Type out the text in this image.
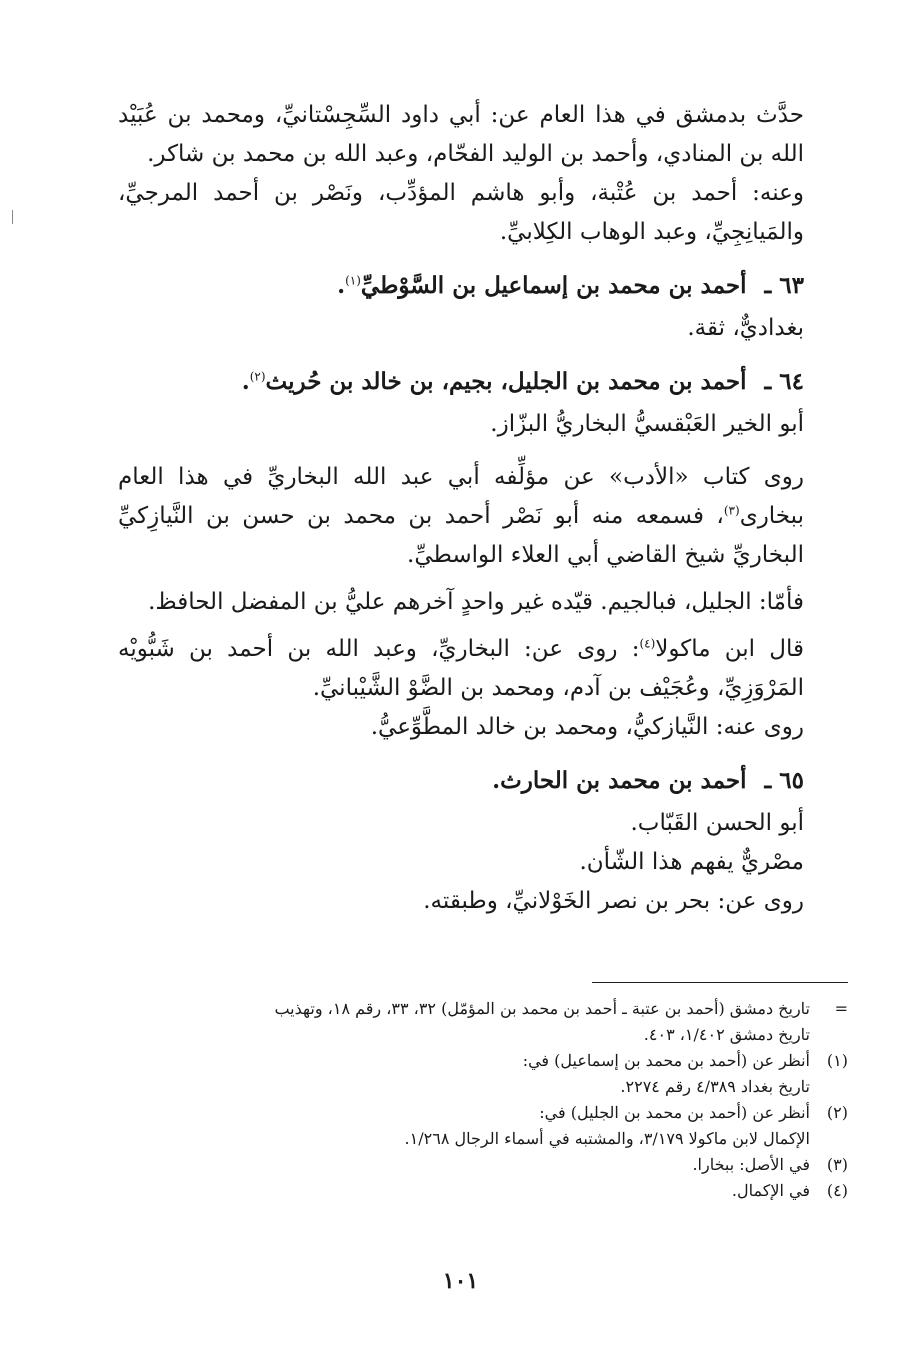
حدَّث بدمشق في هذا العام عن: أبي داود السِّجِسْتانيِّ، ومحمد بن عُبَيْد الله بن المنادي، وأحمد بن الوليد الفحّام، وعبد الله بن محمد بن شاكر.

وعنه: أحمد بن عُتْبة، وأبو هاشم المؤدِّب، ونَصْر بن أحمد المرجيِّ، والمَيانِجِيِّ، وعبد الوهاب الكِلابيِّ.

٦٣ ـ أحمد بن محمد بن إسماعيل بن السَّوْطيِّ$^{(١)}$.

بغداديٌّ، ثقة.

٦٤ ـ أحمد بن محمد بن الجليل، بجيم، بن خالد بن حُريث$^{(٢)}$.

أبو الخير العَبْقسيُّ البخاريُّ البزّاز.

روى كتاب «الأدب» عن مؤلِّفه أبي عبد الله البخاريِّ في هذا العام ببخارى$^{(٣)}$، فسمعه منه أبو نَصْر أحمد بن محمد بن حسن بن النَّيازِكيِّ البخاريِّ شيخ القاضي أبي العلاء الواسطيِّ.

فأمّا: الجليل، فبالجيم. قيّده غير واحدٍ آخرهم عليُّ بن المفضل الحافظ.

قال ابن ماكولا$^{(٤)}$: روى عن: البخاريِّ، وعبد الله بن أحمد بن شَبُّويْه المَرْوَزِيِّ، وعُجَيْف بن آدم، ومحمد بن الضَّوْ الشَّيْبانيِّ.

روى عنه: النَّيازكيُّ، ومحمد بن خالد المطَّوِّعيُّ.

٦٥ ـ أحمد بن محمد بن الحارث.

أبو الحسن القَبّاب.

مصْريٌّ يفهم هذا الشّأن.

روى عن: بحر بن نصر الخَوْلانيِّ، وطبقته.

=
تاريخ دمشق (أحمد بن عتبة ـ أحمد بن محمد بن المؤمّل) ٣٢، ٣٣، رقم ١٨، وتهذيب
تاريخ دمشق ١/٤٠٢، ٤٠٣.
(١)
أنظر عن (أحمد بن محمد بن إسماعيل) في:
تاريخ بغداد ٤/٣٨٩ رقم ٢٢٧٤.
(٢)
أنظر عن (أحمد بن محمد بن الجليل) في:
الإكمال لابن ماكولا ٣/١٧٩، والمشتبه في أسماء الرجال ١/٢٦٨.
(٣)
في الأصل: ببخارا.
(٤)
في الإكمال.
١٠١
